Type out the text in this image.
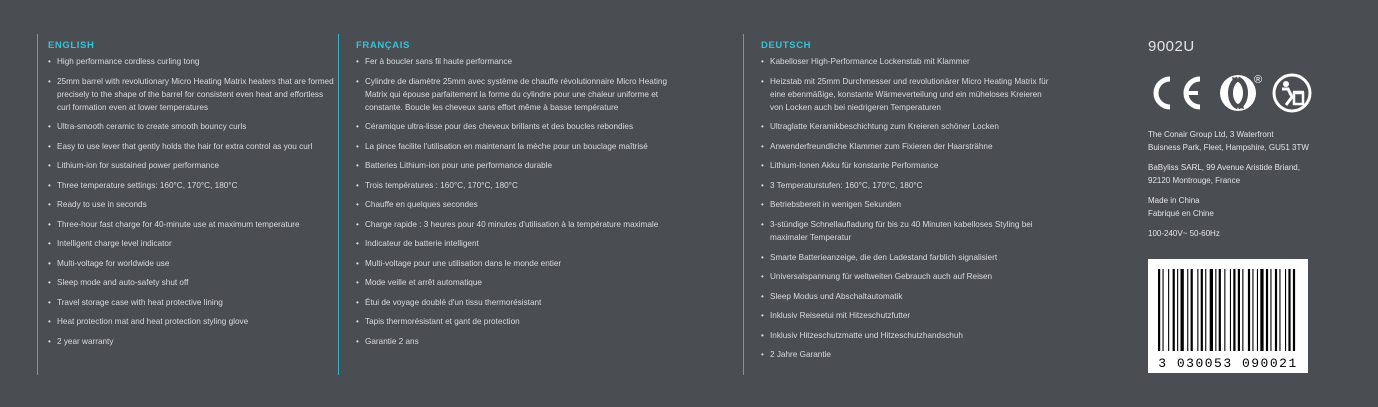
ENGLISH
• High performance cordless curling tong
• 25mm barrel with revolutionary Micro Heating Matrix heaters that are formed precisely to the shape of the barrel for consistent even heat and effortless curl formation even at lower temperatures
• Ultra-smooth ceramic to create smooth bouncy curls
• Easy to use lever that gently holds the hair for extra control as you curl
• Lithium-ion for sustained power performance
• Three temperature settings: 160°C, 170°C, 180°C
• Ready to use in seconds
• Three-hour fast charge for 40-minute use at maximum temperature
• Intelligent charge level indicator
• Multi-voltage for worldwide use
• Sleep mode and auto-safety shut off
• Travel storage case with heat protective lining
• Heat protection mat and heat protection styling glove
• 2 year warranty
FRANÇAIS
• Fer à boucler sans fil haute performance
• Cylindre de diamètre 25mm avec système de chauffe révolutionnaire Micro Heating Matrix qui épouse parfaitement la forme du cylindre pour une chaleur uniforme et constante. Boucle les cheveux sans effort même à basse température
• Céramique ultra-lisse pour des cheveux brillants et des boucles rebondies
• La pince facilite l'utilisation en maintenant la mèche pour un bouclage maîtrisé
• Batteries Lithium-ion pour une performance durable
• Trois températures : 160°C, 170°C, 180°C
• Chauffe en quelques secondes
• Charge rapide : 3 heures pour 40 minutes d'utilisation à la température maximale
• Indicateur de batterie intelligent
• Multi-voltage pour une utilisation dans le monde entier
• Mode veille et arrêt automatique
• Étui de voyage doublé d'un tissu thermorésistant
• Tapis thermorésistant et gant de protection
• Garantie 2 ans
DEUTSCH
• Kabelloser High-Performance Lockenstab mit Klammer
• Heizstab mit 25mm Durchmesser und revolutionärer Micro Heating Matrix für eine ebenmäßige, konstante Wärmeverteilung und ein müheloses Kreieren von Locken auch bei niedrigeren Temperaturen
• Ultraglatte Keramikbeschichtung zum Kreieren schöner Locken
• Anwenderfreundliche Klammer zum Fixieren der Haarsträhne
• Lithium-Ionen Akku für konstante Performance
• 3 Temperaturstufen: 160°C, 170°C, 180°C
• Betriebsbereit in wenigen Sekunden
• 3-stündige Schnellaufladung für bis zu 40 Minuten kabelloses Styling bei maximaler Temperatur
• Smarte Batterieanzeige, die den Ladestand farblich signalisiert
• Universalspannung für weltweiten Gebrauch auch auf Reisen
• Sleep Modus und Abschaltautomatik
• Inklusiv Reiseetui mit Hitzeschutzfutter
• Inklusiv Hitzeschutzmatte und Hitzeschutzhandschuh
• 2 Jahre Garantie

9002U

®

The Conair Group Ltd, 3 Waterfront

Buisness Park, Fleet, Hampshire, GU51 3TW

BaByliss SARL, 99 Avenue Aristide Briand,

92120 Montrouge, France

Made in China

Fabriqué en Chine

100-240V~ 50-60Hz

3 030053 090021
